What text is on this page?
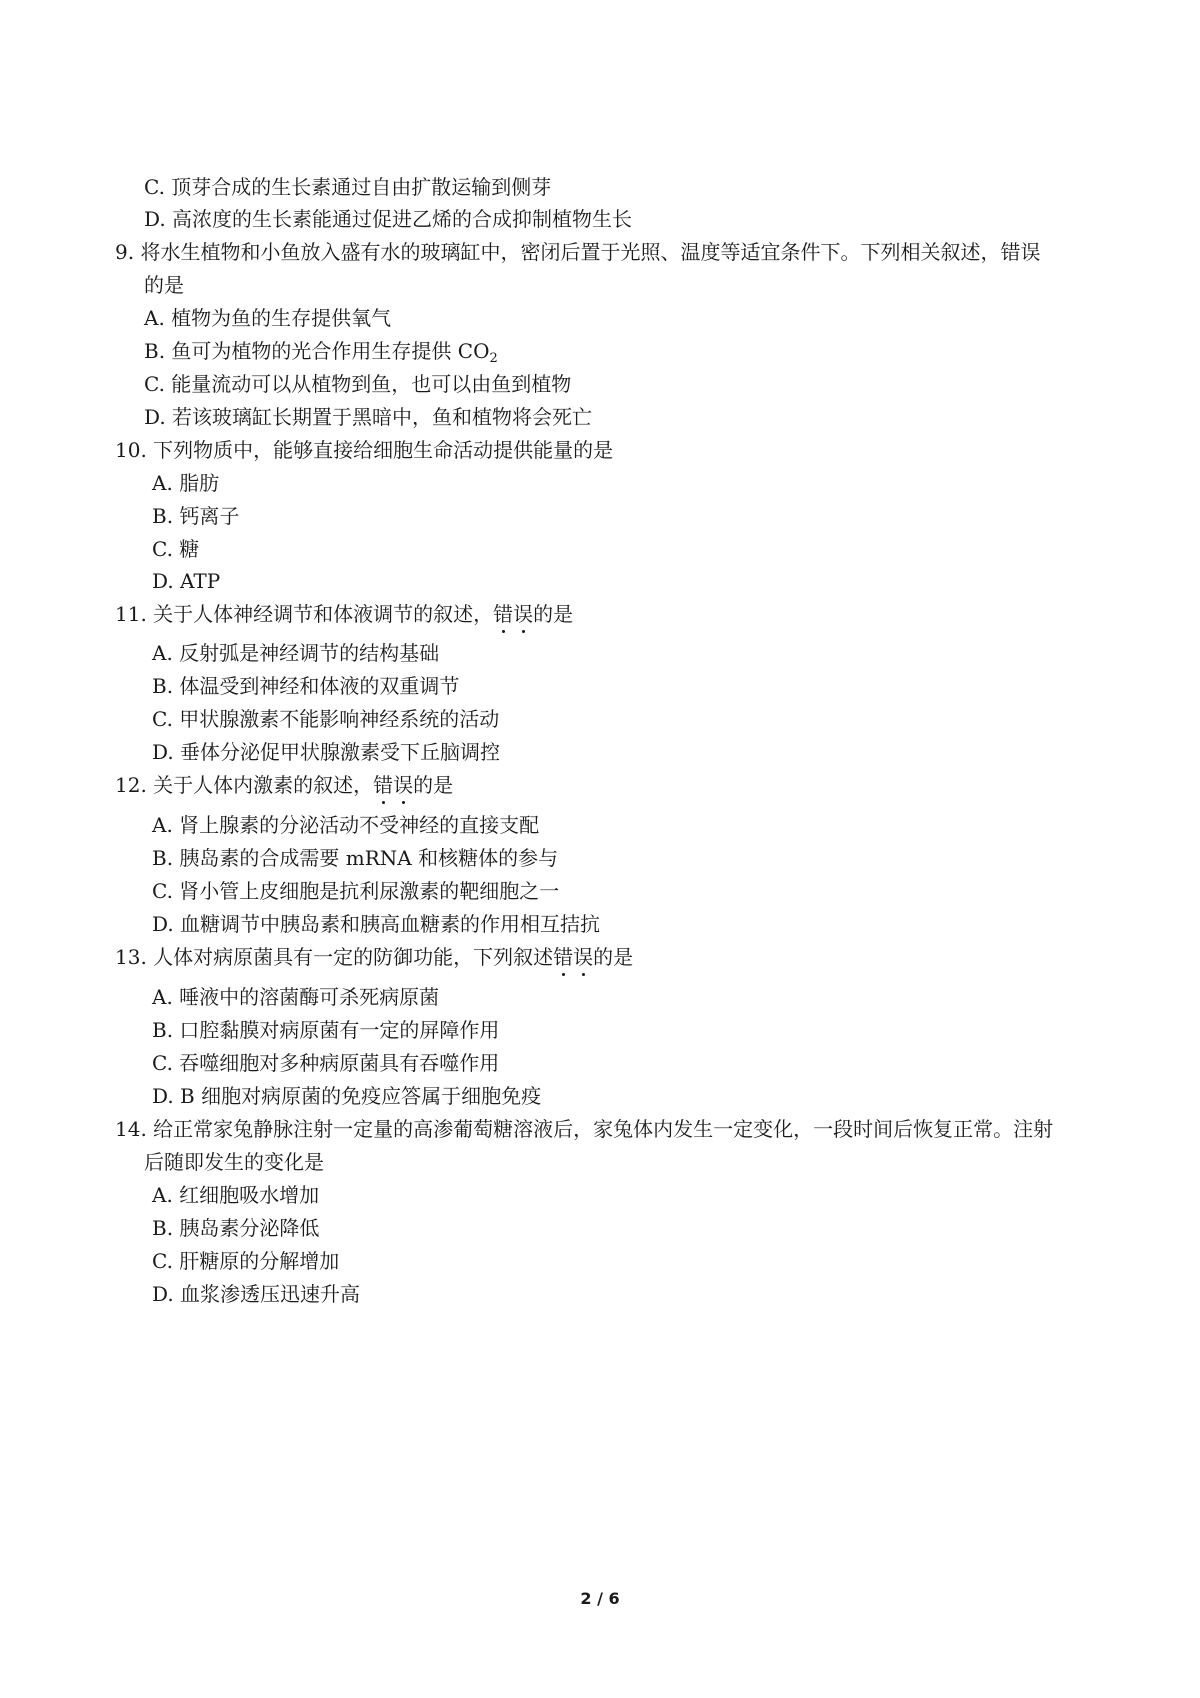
C. 顶芽合成的生长素通过自由扩散运输到侧芽
D. 高浓度的生长素能通过促进乙烯的合成抑制植物生长
9. 将水生植物和小鱼放入盛有水的玻璃缸中，密闭后置于光照、温度等适宜条件下。下列相关叙述，错误
的是
A. 植物为鱼的生存提供氧气
B. 鱼可为植物的光合作用生存提供 $CO_2$
C. 能量流动可以从植物到鱼，也可以由鱼到植物
D. 若该玻璃缸长期置于黑暗中，鱼和植物将会死亡
10. 下列物质中，能够直接给细胞生命活动提供能量的是
A. 脂肪
B. 钙离子
C. 糖
D. ATP
11. 关于人体神经调节和体液调节的叙述，错误的是
A. 反射弧是神经调节的结构基础
B. 体温受到神经和体液的双重调节
C. 甲状腺激素不能影响神经系统的活动
D. 垂体分泌促甲状腺激素受下丘脑调控
12. 关于人体内激素的叙述，错误的是
A. 肾上腺素的分泌活动不受神经的直接支配
B. 胰岛素的合成需要 mRNA 和核糖体的参与
C. 肾小管上皮细胞是抗利尿激素的靶细胞之一
D. 血糖调节中胰岛素和胰高血糖素的作用相互拮抗
13. 人体对病原菌具有一定的防御功能，下列叙述错误的是
A. 唾液中的溶菌酶可杀死病原菌
B. 口腔黏膜对病原菌有一定的屏障作用
C. 吞噬细胞对多种病原菌具有吞噬作用
D. B 细胞对病原菌的免疫应答属于细胞免疫
14. 给正常家兔静脉注射一定量的高渗葡萄糖溶液后，家兔体内发生一定变化，一段时间后恢复正常。注射
后随即发生的变化是
A. 红细胞吸水增加
B. 胰岛素分泌降低
C. 肝糖原的分解增加
D. 血浆渗透压迅速升高
2 / 6
